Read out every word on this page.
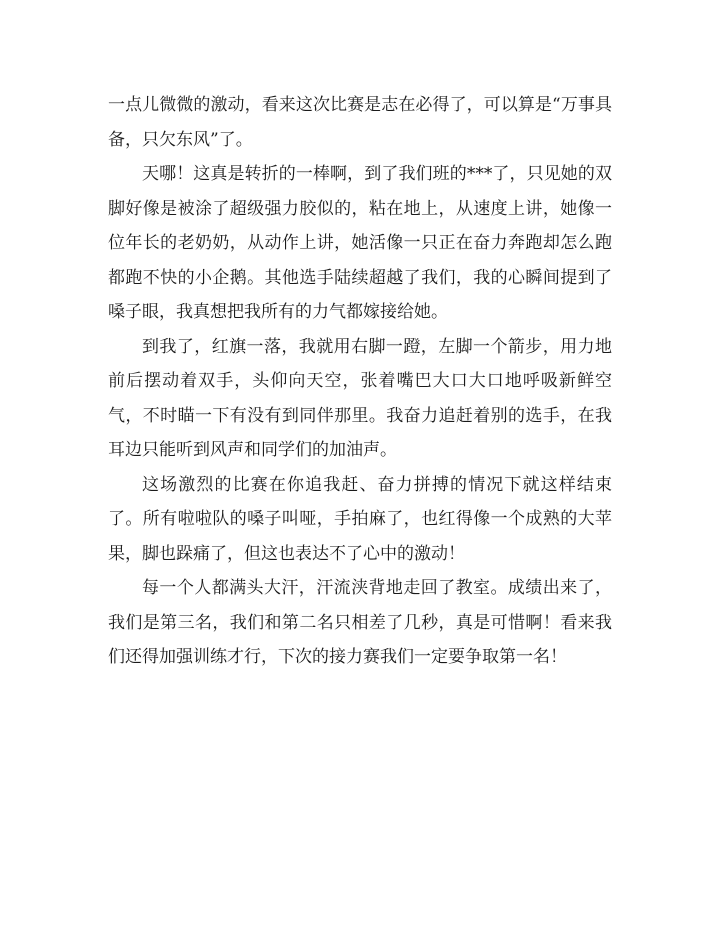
一点儿微微的激动，看来这次比赛是志在必得了，可以算是“万事具备，只欠东风”了。

天哪！这真是转折的一棒啊，到了我们班的***了，只见她的双脚好像是被涂了超级强力胶似的，粘在地上，从速度上讲，她像一位年长的老奶奶，从动作上讲，她活像一只正在奋力奔跑却怎么跑都跑不快的小企鹅。其他选手陆续超越了我们，我的心瞬间提到了嗓子眼，我真想把我所有的力气都嫁接给她。

到我了，红旗一落，我就用右脚一蹬，左脚一个箭步，用力地前后摆动着双手，头仰向天空，张着嘴巴大口大口地呼吸新鲜空气，不时瞄一下有没有到同伴那里。我奋力追赶着别的选手，在我耳边只能听到风声和同学们的加油声。

这场激烈的比赛在你追我赶、奋力拼搏的情况下就这样结束了。所有啦啦队的嗓子叫哑，手拍麻了，也红得像一个成熟的大苹果，脚也跺痛了，但这也表达不了心中的激动！

每一个人都满头大汗，汗流浃背地走回了教室。成绩出来了，我们是第三名，我们和第二名只相差了几秒，真是可惜啊！看来我们还得加强训练才行，下次的接力赛我们一定要争取第一名！
